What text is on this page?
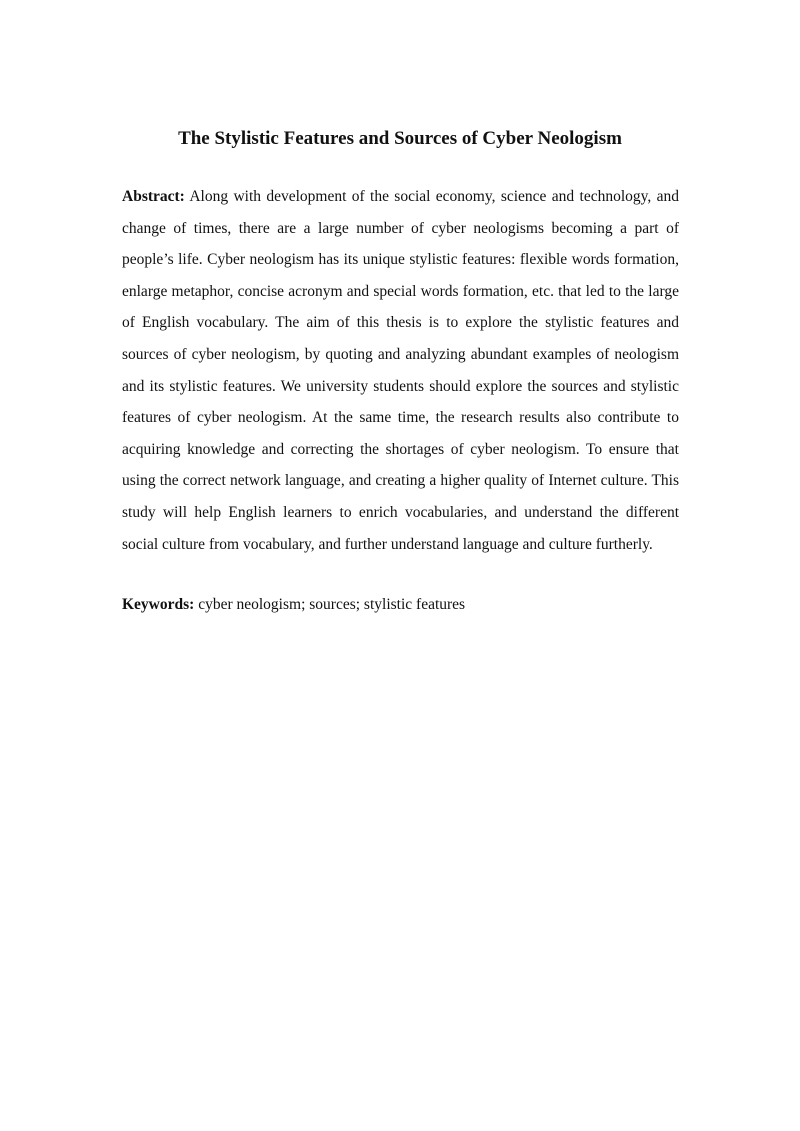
The Stylistic Features and Sources of Cyber Neologism

Abstract: Along with development of the social economy, science and technology, and change of times, there are a large number of cyber neologisms becoming a part of people’s life. Cyber neologism has its unique stylistic features: flexible words formation, enlarge metaphor, concise acronym and special words formation, etc. that led to the large of English vocabulary. The aim of this thesis is to explore the stylistic features and sources of cyber neologism, by quoting and analyzing abundant examples of neologism and its stylistic features. We university students should explore the sources and stylistic features of cyber neologism. At the same time, the research results also contribute to acquiring knowledge and correcting the shortages of cyber neologism. To ensure that using the correct network language, and creating a higher quality of Internet culture. This study will help English learners to enrich vocabularies, and understand the different social culture from vocabulary, and further understand language and culture furtherly.

Keywords: cyber neologism; sources; stylistic features
